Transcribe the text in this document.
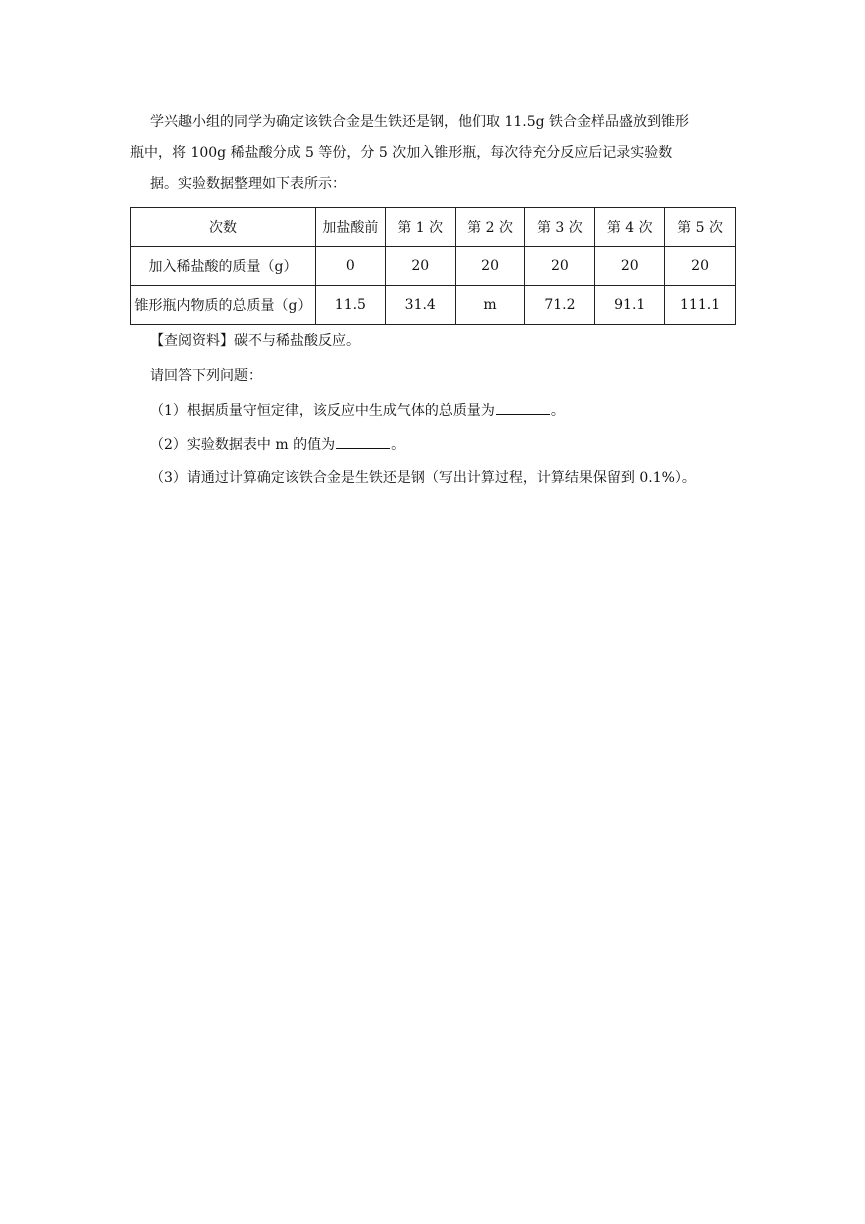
学兴趣小组的同学为确定该铁合金是生铁还是钢，他们取 11.5g 铁合金样品盛放到锥形
瓶中，将 100g 稀盐酸分成 5 等份，分 5 次加入锥形瓶，每次待充分反应后记录实验数
据。实验数据整理如下表所示：
次数	加盐酸前	第 1 次	第 2 次	第 3 次	第 4 次	第 5 次
加入稀盐酸的质量（g）	0	20	20	20	20	20
锥形瓶内物质的总质量（g）	11.5	31.4	m	71.2	91.1	111.1
【查阅资料】碳不与稀盐酸反应。
请回答下列问题：
（1）根据质量守恒定律，该反应中生成气体的总质量为	。
（2）实验数据表中 m 的值为	。
（3）请通过计算确定该铁合金是生铁还是钢（写出计算过程，计算结果保留到 0.1%）。
